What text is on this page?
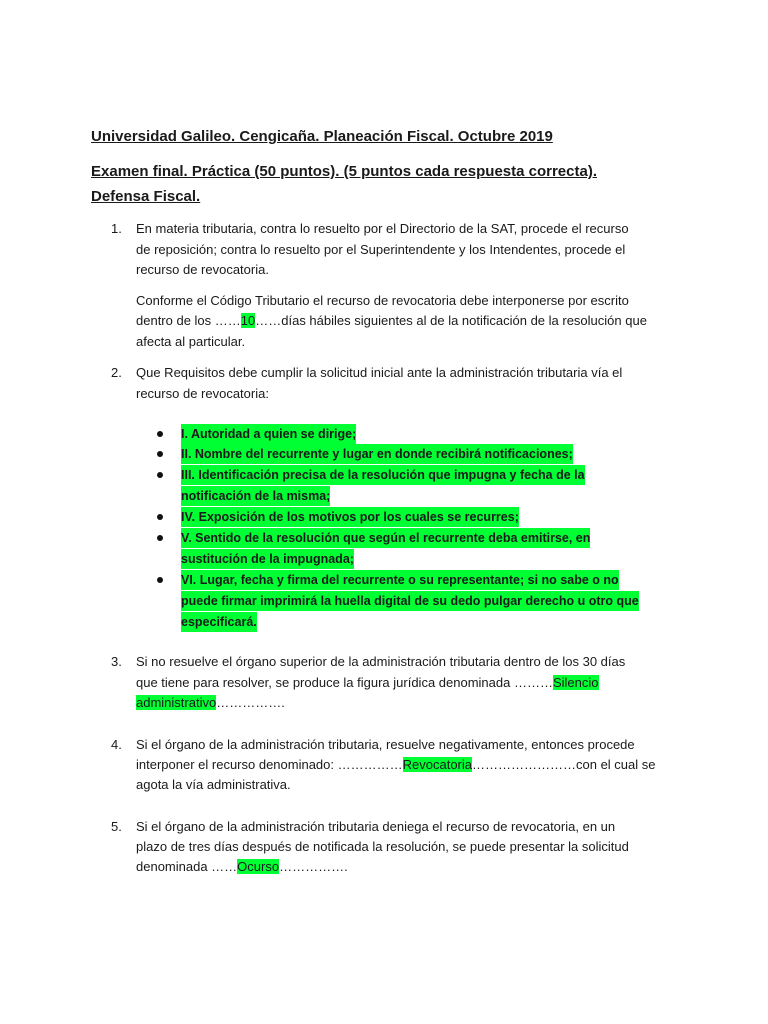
Universidad Galileo. Cengicaña. Planeación Fiscal. Octubre 2019
Examen final. Práctica (50 puntos). (5 puntos cada respuesta correcta).
Defensa Fiscal.
1. En materia tributaria, contra lo resuelto por el Directorio de la SAT, procede el recurso
de reposición; contra lo resuelto por el Superintendente y los Intendentes, procede el
recurso de revocatoria.
Conforme el Código Tributario el recurso de revocatoria debe interponerse por escrito
dentro de los ……10……días hábiles siguientes al de la notificación de la resolución que
afecta al particular.
2. Que Requisitos debe cumplir la solicitud inicial ante la administración tributaria vía el
recurso de revocatoria:
I. Autoridad a quien se dirige;
II. Nombre del recurrente y lugar en donde recibirá notificaciones;
III. Identificación precisa de la resolución que impugna y fecha de la
notificación de la misma;
IV. Exposición de los motivos por los cuales se recurres;
V. Sentido de la resolución que según el recurrente deba emitirse, en
sustitución de la impugnada;
VI. Lugar, fecha y firma del recurrente o su representante; si no sabe o no
puede firmar imprimirá la huella digital de su dedo pulgar derecho u otro que
especificará.
3. Si no resuelve el órgano superior de la administración tributaria dentro de los 30 días
que tiene para resolver, se produce la figura jurídica denominada ………Silencio
administrativo…………….
4. Si el órgano de la administración tributaria, resuelve negativamente, entonces procede
interponer el recurso denominado: ……………Revocatoria……………………con el cual se
agota la vía administrativa.
5. Si el órgano de la administración tributaria deniega el recurso de revocatoria, en un
plazo de tres días después de notificada la resolución, se puede presentar la solicitud
denominada ……Ocurso…………….
